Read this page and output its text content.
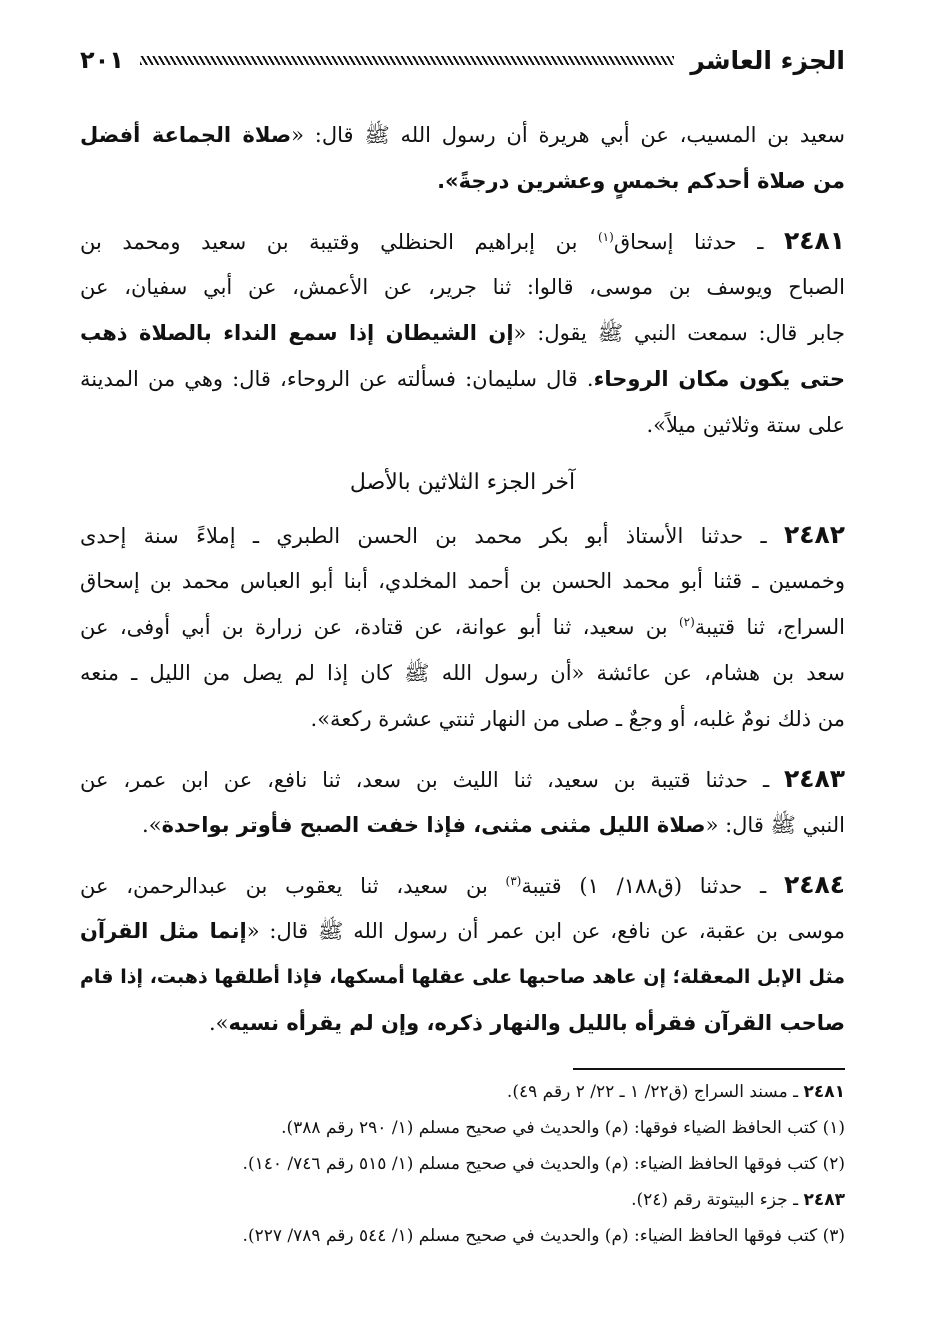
الجزء العاشر
٢٠١
سعيد بن المسيب، عن أبي هريرة أن رسول الله ﷺ قال: «صلاة الجماعة أفضل
من صلاة أحدكم بخمسٍ وعشرين درجةً».
٢٤٨١ ـ حدثنا إسحاق$^{(١)}$ بن إبراهيم الحنظلي وقتيبة بن سعيد ومحمد بن
الصباح ويوسف بن موسى، قالوا: ثنا جرير، عن الأعمش، عن أبي سفيان، عن
جابر قال: سمعت النبي ﷺ يقول: «إن الشيطان إذا سمع النداء بالصلاة ذهب
حتى يكون مكان الروحاء. قال سليمان: فسألته عن الروحاء، قال: وهي من المدينة
على ستة وثلاثين ميلاً».
آخر الجزء الثلاثين بالأصل
٢٤٨٢ ـ حدثنا الأستاذ أبو بكر محمد بن الحسن الطبري ـ إملاءً سنة إحدى
وخمسين ـ قثنا أبو محمد الحسن بن أحمد المخلدي، أبنا أبو العباس محمد بن إسحاق
السراج، ثنا قتيبة$^{(٢)}$ بن سعيد، ثنا أبو عوانة، عن قتادة، عن زرارة بن أبي أوفى، عن
سعد بن هشام، عن عائشة «أن رسول الله ﷺ كان إذا لم يصل من الليل ـ منعه
من ذلك نومٌ غلبه، أو وجعٌ ـ صلى من النهار ثنتي عشرة ركعة».
٢٤٨٣ ـ حدثنا قتيبة بن سعيد، ثنا الليث بن سعد، ثنا نافع، عن ابن عمر، عن
النبي ﷺ قال: «صلاة الليل مثنى مثنى، فإذا خفت الصبح فأوتر بواحدة».
٢٤٨٤ ـ حدثنا (ق١٨٨/ ١) قتيبة$^{(٣)}$ بن سعيد، ثنا يعقوب بن عبدالرحمن، عن
موسى بن عقبة، عن نافع، عن ابن عمر أن رسول الله ﷺ قال: «إنما مثل القرآن
مثل الإبل المعقلة؛ إن عاهد صاحبها على عقلها أمسكها، فإذا أطلقها ذهبت، إذا قام
صاحب القرآن فقرأه بالليل والنهار ذكره، وإن لم يقرأه نسيه».
٢٤٨١ ـ مسند السراج (ق٢٢/ ١ ـ ٢٢/ ٢ رقم ٤٩).
(١) كتب الحافظ الضياء فوقها: (م) والحديث في صحيح مسلم (١/ ٢٩٠ رقم ٣٨٨).
(٢) كتب فوقها الحافظ الضياء: (م) والحديث في صحيح مسلم (١/ ٥١٥ رقم ٧٤٦/ ١٤٠).
٢٤٨٣ ـ جزء البيتوتة رقم (٢٤).
(٣) كتب فوقها الحافظ الضياء: (م) والحديث في صحيح مسلم (١/ ٥٤٤ رقم ٧٨٩/ ٢٢٧).
